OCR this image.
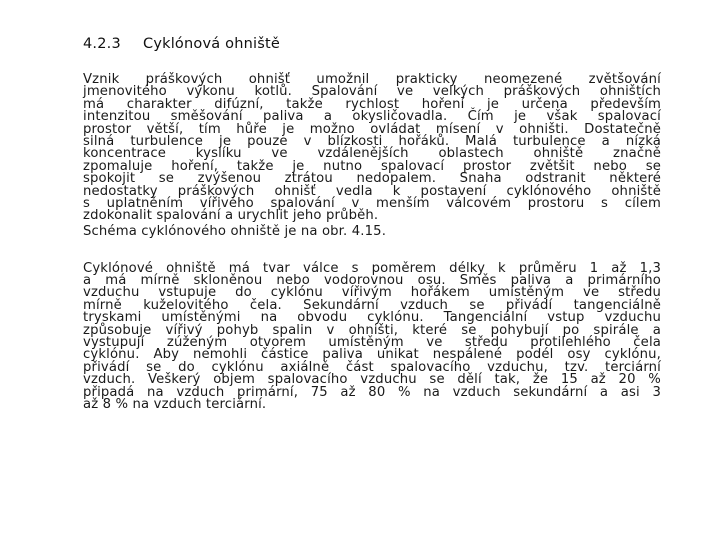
4.2.3 Cyklónová ohniště
Vznik práškových ohnišť umožnil prakticky neomezené zvětšování
jmenovitého výkonu kotlů. Spalování ve velkých práškových ohništích
má charakter difúzní, takže rychlost hoření je určena především
intenzitou směšování paliva a okysličovadla. Čím je však spalovací
prostor větší, tím hůře je možno ovládat mísení v ohništi. Dostatečně
silná turbulence je pouze v blízkosti hořáků. Malá turbulence a nízká
koncentrace kyslíku ve vzdálenějších oblastech ohniště značně
zpomaluje hoření, takže je nutno spalovací prostor zvětšit nebo se
spokojit se zvýšenou ztrátou nedopalem. Snaha odstranit některé
nedostatky práškových ohnišť vedla k postavení cyklónového ohniště
s uplatněním vířivého spalování v menším válcovém prostoru s cílem
zdokonalit spalování a urychlit jeho průběh.
Schéma cyklónového ohniště je na obr. 4.15.
Cyklónové ohniště má tvar válce s poměrem délky k průměru 1 až 1,3
a má mírně skloněnou nebo vodorovnou osu. Směs paliva a primárního
vzduchu vstupuje do cyklónu vířivým hořákem umístěným ve středu
mírně kuželovitého čela. Sekundární vzduch se přivádí tangenciálně
tryskami umístěnými na obvodu cyklónu. Tangenciální vstup vzduchu
způsobuje vířivý pohyb spalin v ohništi, které se pohybují po spirále a
vystupují zúženým otvorem umístěným ve středu protilehlého čela
cyklónu. Aby nemohli částice paliva unikat nespálené podél osy cyklónu,
přivádí se do cyklónu axiálně část spalovacího vzduchu, tzv. terciární
vzduch. Veškerý objem spalovacího vzduchu se dělí tak, že 15 až 20 %
připadá na vzduch primární, 75 až 80 % na vzduch sekundární a asi 3
až 8 % na vzduch terciární.
